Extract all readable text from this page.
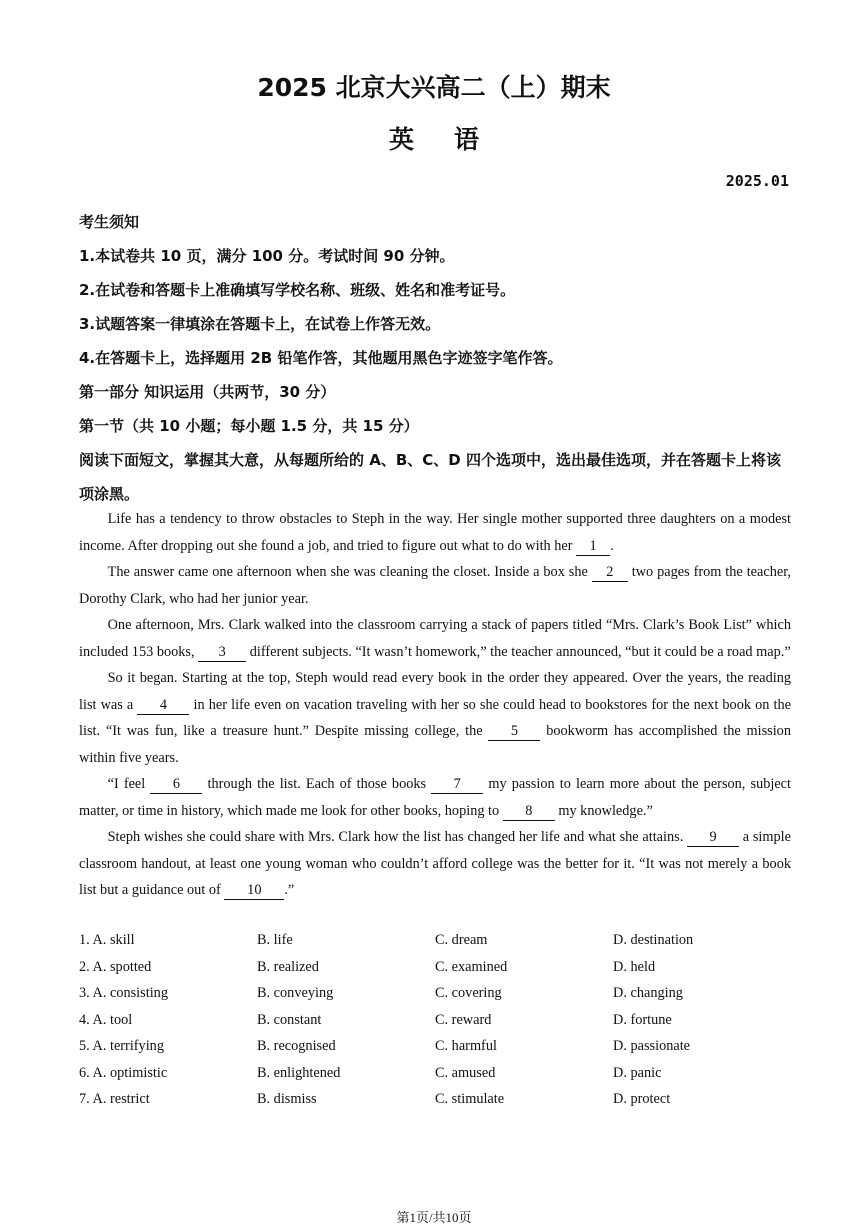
2025 北京大兴高二（上）期末
英语
2025.01
考生须知
1.本试卷共 10 页，满分 100 分。考试时间 90 分钟。
2.在试卷和答题卡上准确填写学校名称、班级、姓名和准考证号。
3.试题答案一律填涂在答题卡上，在试卷上作答无效。
4.在答题卡上，选择题用 2B 铅笔作答，其他题用黑色字迹签字笔作答。
第一部分 知识运用（共两节，30 分）
第一节（共 10 小题；每小题 1.5 分，共 15 分）
阅读下面短文，掌握其大意，从每题所给的 A、B、C、D 四个选项中，选出最佳选项，并在答题卡上将该项涂黑。

Life has a tendency to throw obstacles to Steph in the way. Her single mother supported three daughters on a modest income. After dropping out she found a job, and tried to figure out what to do with her 1 .

The answer came one afternoon when she was cleaning the closet. Inside a box she 2 two pages from the teacher, Dorothy Clark, who had her junior year.

One afternoon, Mrs. Clark walked into the classroom carrying a stack of papers titled “Mrs. Clark’s Book List” which included 153 books, 3 different subjects. “It wasn’t homework,” the teacher announced, “but it could be a road map.”

So it began. Starting at the top, Steph would read every book in the order they appeared. Over the years, the reading list was a 4 in her life even on vacation traveling with her so she could head to bookstores for the next book on the list. “It was fun, like a treasure hunt.” Despite missing college, the 5 bookworm has accomplished the mission within five years.

“I feel 6 through the list. Each of those books 7 my passion to learn more about the person, subject matter, or time in history, which made me look for other books, hoping to 8 my knowledge.”

Steph wishes she could share with Mrs. Clark how the list has changed her life and what she attains. 9 a simple classroom handout, at least one young woman who couldn’t afford college was the better for it. “It was not merely a book list but a guidance out of 10 .”

1. A. skill	B. life	C. dream	D. destination
2. A. spotted	B. realized	C. examined	D. held
3. A. consisting	B. conveying	C. covering	D. changing
4. A. tool	B. constant	C. reward	D. fortune
5. A. terrifying	B. recognised	C. harmful	D. passionate
6. A. optimistic	B. enlightened	C. amused	D. panic
7. A. restrict	B. dismiss	C. stimulate	D. protect
第1页/共10页
